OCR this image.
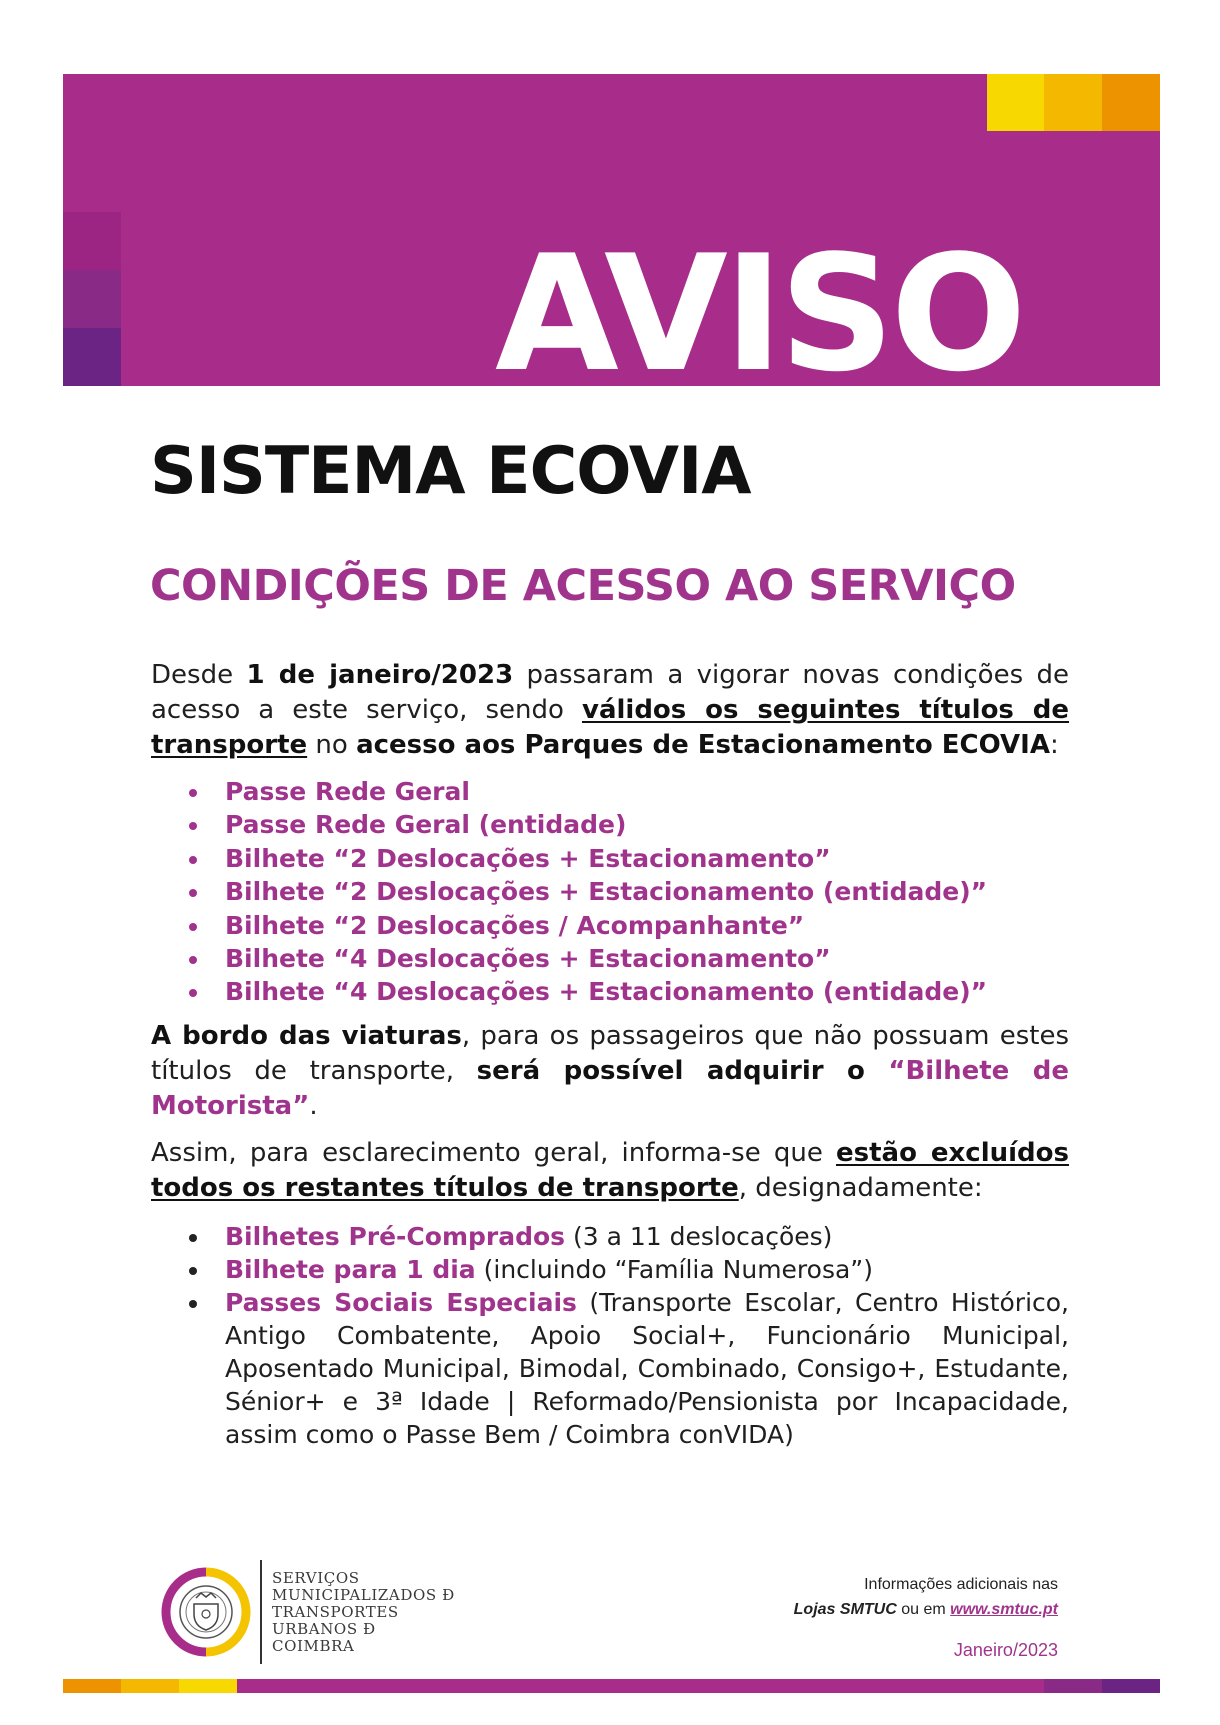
AVISO
SISTEMA ECOVIA
CONDIÇÕES DE ACESSO AO SERVIÇO

Desde 1 de janeiro/2023 passaram a vigorar novas condições de acesso a este serviço, sendo válidos os seguintes títulos de transporte no acesso aos Parques de Estacionamento ECOVIA:

Passe Rede Geral
Passe Rede Geral (entidade)
Bilhete “2 Deslocações + Estacionamento”
Bilhete “2 Deslocações + Estacionamento (entidade)”
Bilhete “2 Deslocações / Acompanhante”
Bilhete “4 Deslocações + Estacionamento”
Bilhete “4 Deslocações + Estacionamento (entidade)”

A bordo das viaturas, para os passageiros que não possuam estes títulos de transporte, será possível adquirir o “Bilhete de Motorista”.

Assim, para esclarecimento geral, informa-se que estão excluídos todos os restantes títulos de transporte, designadamente:

Bilhetes Pré-Comprados (3 a 11 deslocações)
Bilhete para 1 dia (incluindo “Família Numerosa”)
Passes Sociais Especiais (Transporte Escolar, Centro Histórico, Antigo Combatente, Apoio Social+, Funcionário Municipal, Aposentado Municipal, Bimodal, Combinado, Consigo+, Estudante, Sénior+ e 3ª Idade | Reformado/Pensionista por Incapacidade, assim como o Passe Bem / Coimbra conVIDA)
SERVIÇOS
MUNICIPALIZADOS Đ
TRANSPORTES
URBANOS Đ
COIMBRA
Informações adicionais nas
Lojas SMTUC ou em www.smtuc.pt
Janeiro/2023
